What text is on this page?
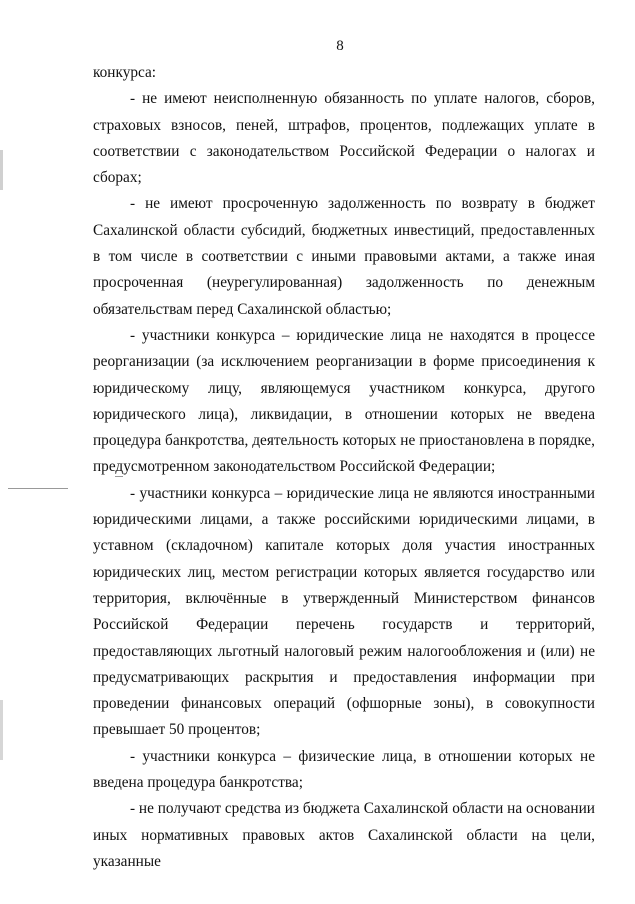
8

конкурса:

- не имеют неисполненную обязанность по уплате налогов, сборов, страховых взносов, пеней, штрафов, процентов, подлежащих уплате в соответствии с законодательством Российской Федерации о налогах и сборах;

- не имеют просроченную задолженность по возврату в бюджет Сахалинской области субсидий, бюджетных инвестиций, предоставленных в том числе в соответствии с иными правовыми актами, а также иная просроченная (неурегулированная) задолженность по денежным обязательствам перед Сахалинской областью;

- участники конкурса – юридические лица не находятся в процессе реорганизации (за исключением реорганизации в форме присоединения к юридическому лицу, являющемуся участником конкурса, другого юридического лица), ликвидации, в отношении которых не введена процедура банкротства, деятельность которых не приостановлена в порядке, предусмотренном законодательством Российской Федерации;

- участники конкурса – юридические лица не являются иностранными юридическими лицами, а также российскими юридическими лицами, в уставном (складочном) капитале которых доля участия иностранных юридических лиц, местом регистрации которых является государство или территория, включённые в утвержденный Министерством финансов Российской Федерации перечень государств и территорий, предоставляющих льготный налоговый режим налогообложения и (или) не предусматривающих раскрытия и предоставления информации при проведении финансовых операций (офшорные зоны), в совокупности превышает 50 процентов;

- участники конкурса – физические лица, в отношении которых не введена процедура банкротства;

- не получают средства из бюджета Сахалинской области на основании иных нормативных правовых актов Сахалинской области на цели, указанные
